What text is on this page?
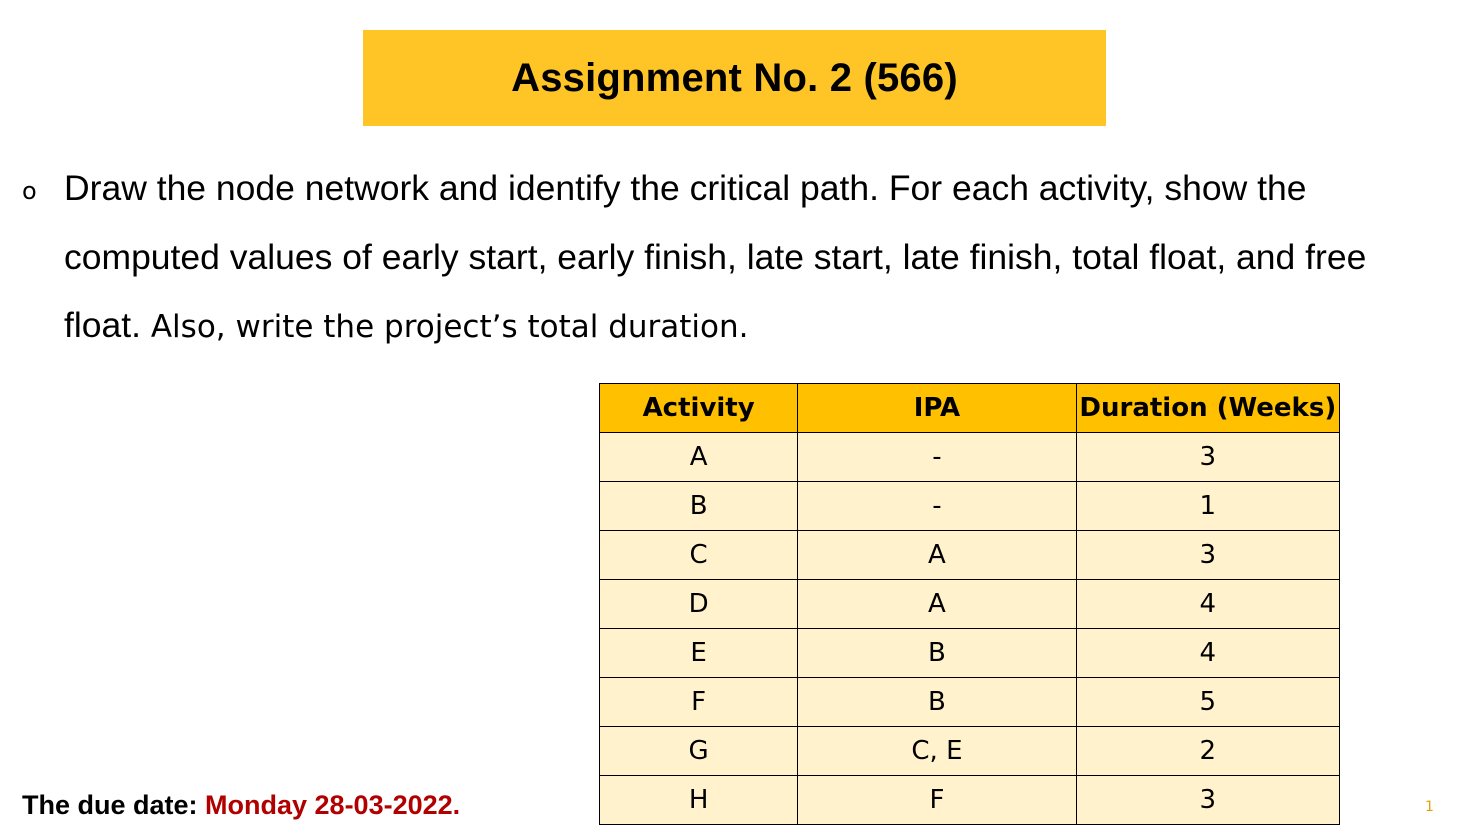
Assignment No. 2 (566)
o Draw the node network and identify the critical path. For each activity, show the computed values of early start, early finish, late start, late finish, total float, and free float. Also, write the project’s total duration.
Activity	IPA	Duration (Weeks)
A	-	3
B	-	1
C	A	3
D	A	4
E	B	4
F	B	5
G	C, E	2
H	F	3
The due date: Monday 28-03-2022.	1
